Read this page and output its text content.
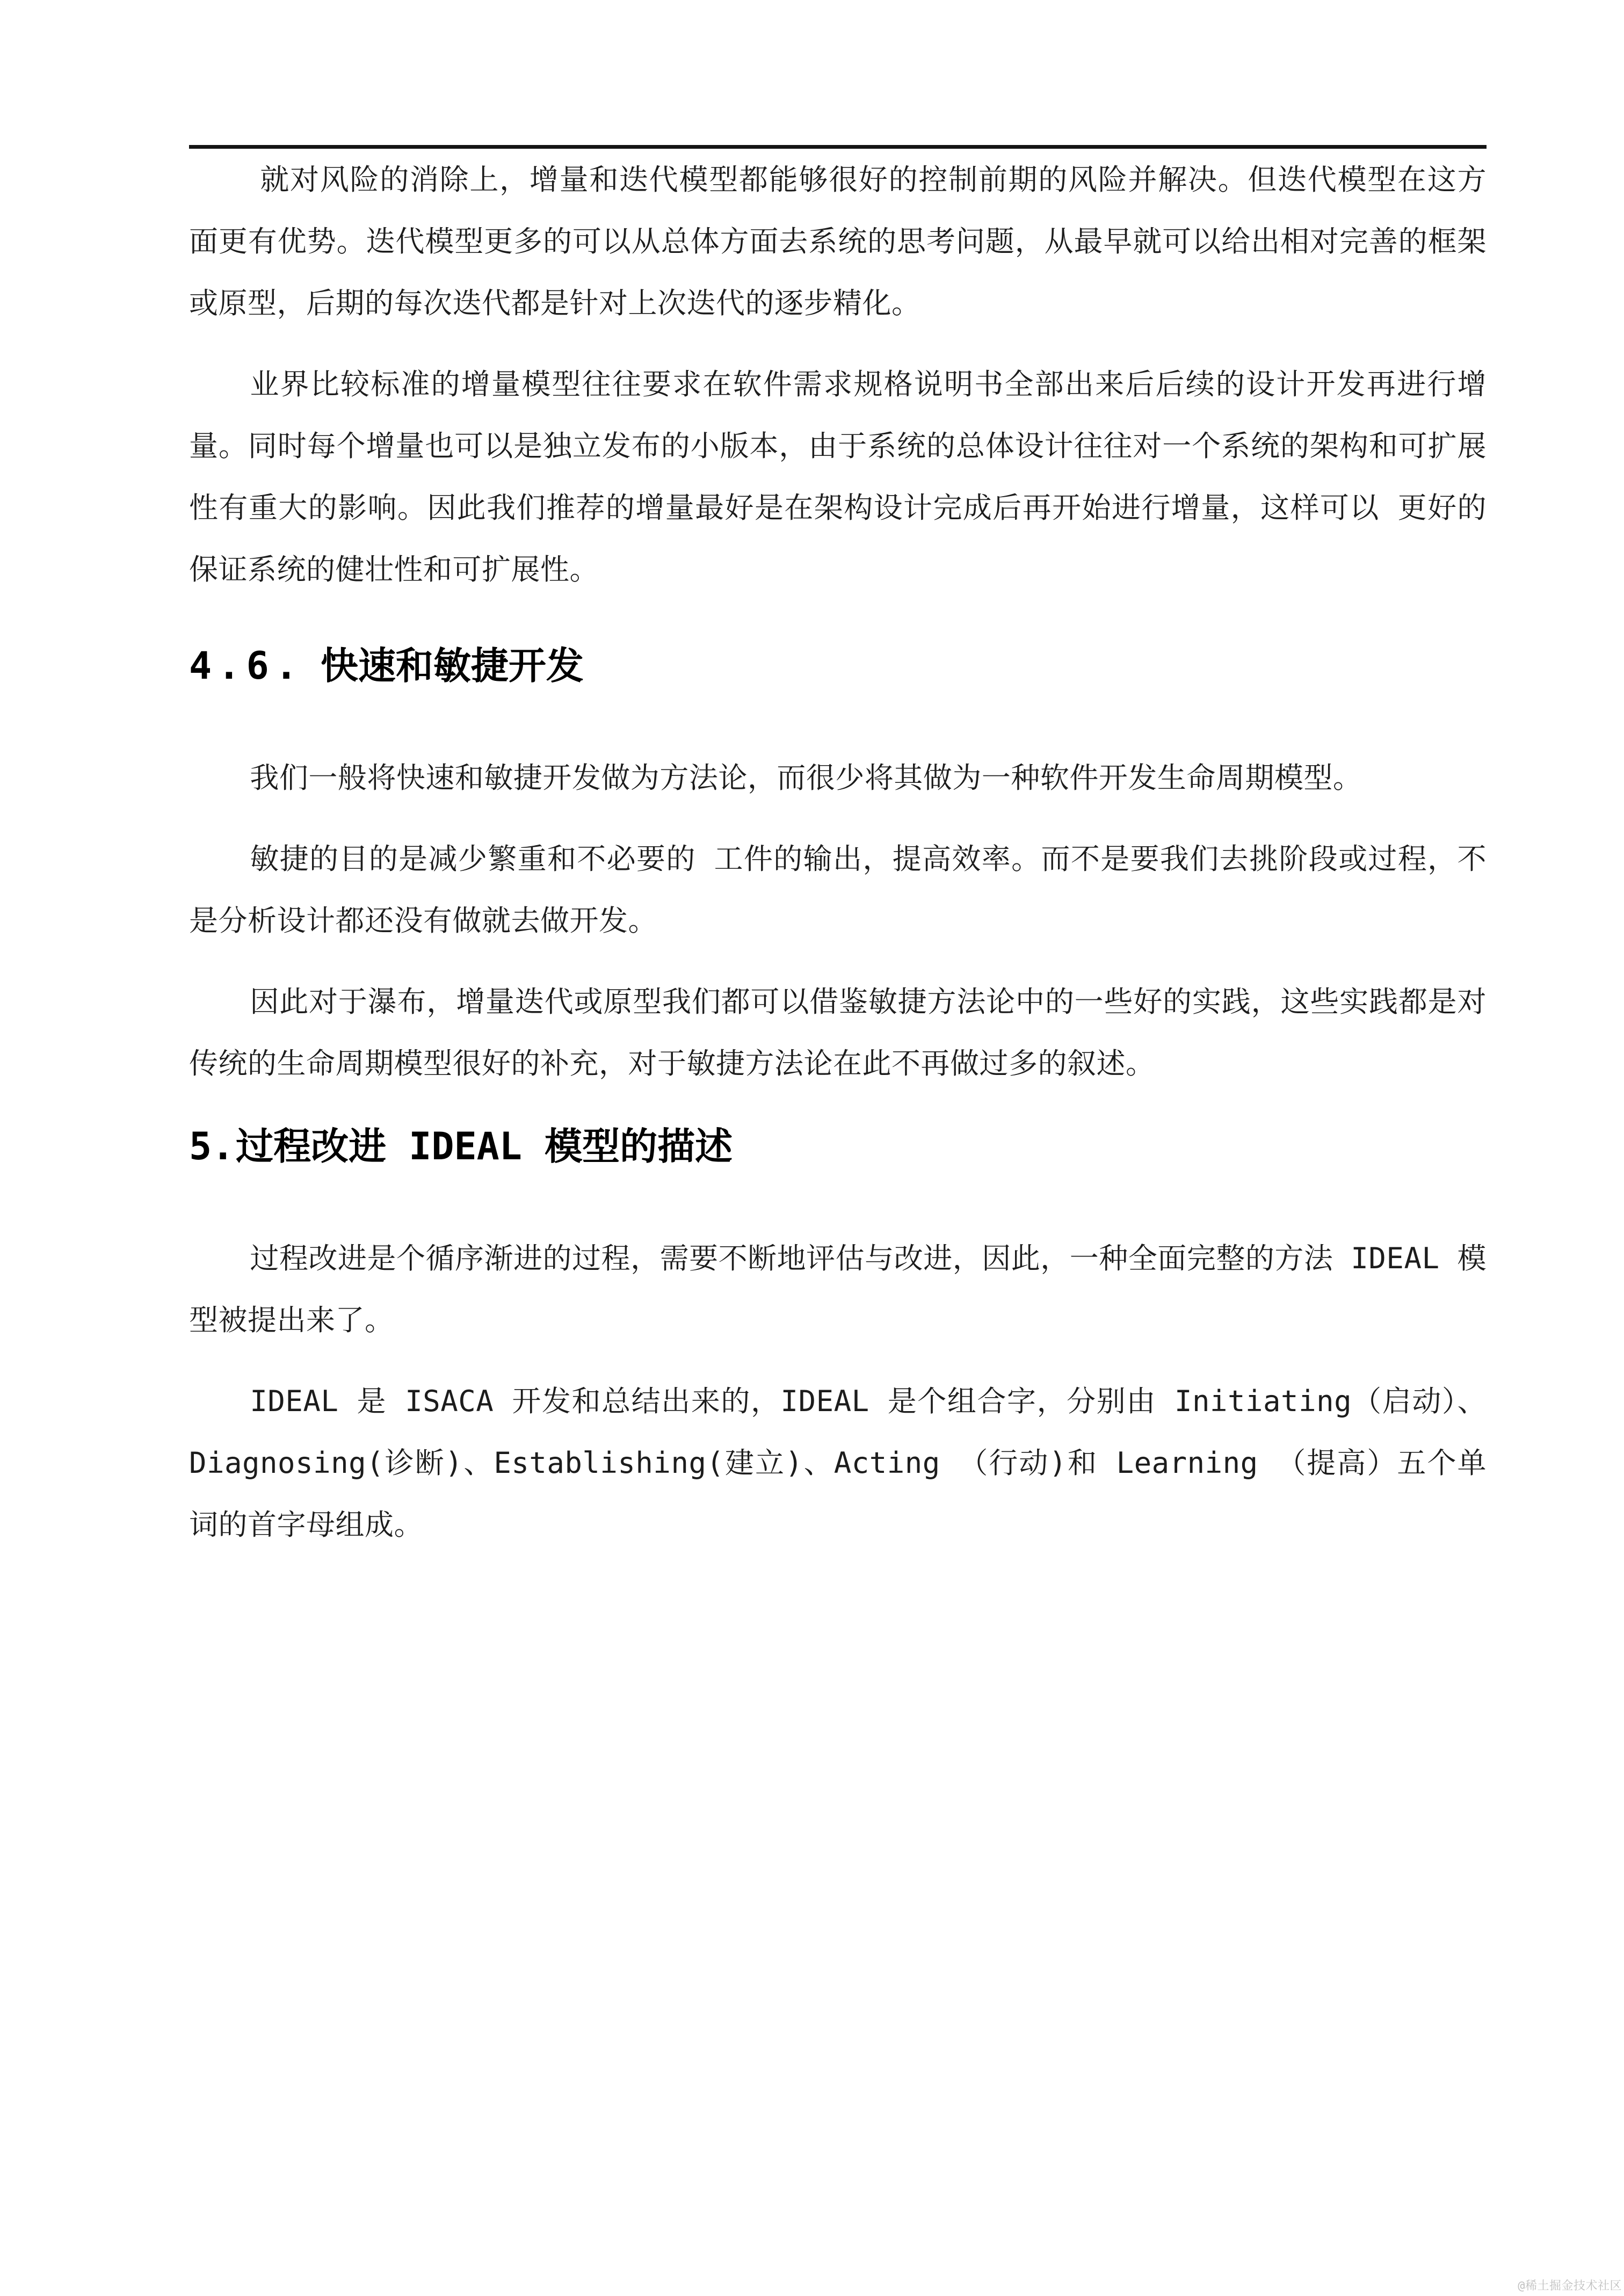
就对风险的消除上，增量和迭代模型都能够很好的控制前期的风险并解决。但迭代模型在这方面更有优势。迭代模型更多的可以从总体方面去系统的思考问题，从最早就可以给出相对完善的框架或原型，后期的每次迭代都是针对上次迭代的逐步精化。

业界比较标准的增量模型往往要求在软件需求规格说明书全部出来后后续的设计开发再进行增量。同时每个增量也可以是独立发布的小版本，由于系统的总体设计往往对一个系统的架构和可扩展性有重大的影响。因此我们推荐的增量最好是在架构设计完成后再开始进行增量，这样可以 更好的保证系统的健壮性和可扩展性。

4.6. 快速和敏捷开发

我们一般将快速和敏捷开发做为方法论，而很少将其做为一种软件开发生命周期模型。

敏捷的目的是减少繁重和不必要的 工件的输出，提高效率。而不是要我们去挑阶段或过程，不是分析设计都还没有做就去做开发。

因此对于瀑布，增量迭代或原型我们都可以借鉴敏捷方法论中的一些好的实践，这些实践都是对传统的生命周期模型很好的补充，对于敏捷方法论在此不再做过多的叙述。

5.过程改进 IDEAL 模型的描述

过程改进是个循序渐进的过程，需要不断地评估与改进，因此，一种全面完整的方法 IDEAL 模型被提出来了。

IDEAL 是 ISACA 开发和总结出来的，IDEAL 是个组合字，分别由 Initiating（启动）、Diagnosing(诊断)、Establishing(建立)、Acting （行动)和 Learning （提高）五个单词的首字母组成。

@稀土掘金技术社区
